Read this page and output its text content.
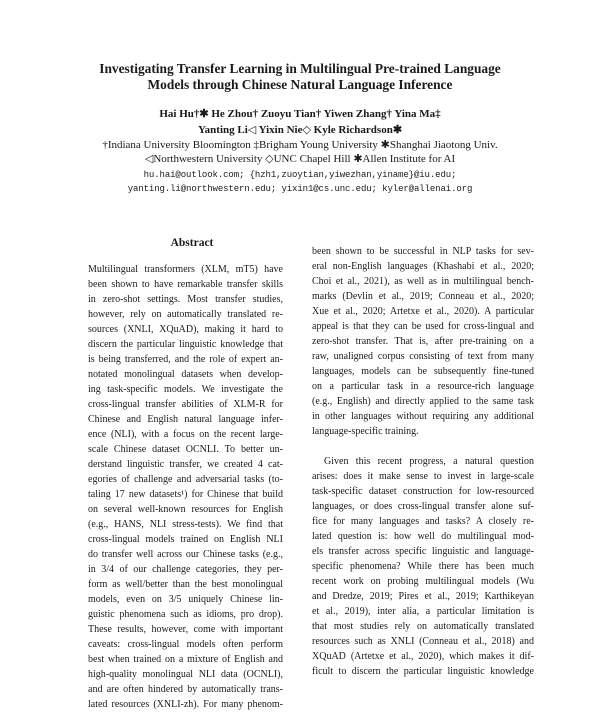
Investigating Transfer Learning in Multilingual Pre-trained Language
Models through Chinese Natural Language Inference
Hai Hu†✱ He Zhou† Zuoyu Tian† Yiwen Zhang† Yina Ma‡
Yanting Li◁ Yixin Nie◇ Kyle Richardson✱
†Indiana University Bloomington ‡Brigham Young University ✱Shanghai Jiaotong Univ.
◁Northwestern University ◇UNC Chapel Hill ✱Allen Institute for AI
hu.hai@outlook.com; {hzh1,zuoytian,yiwezhan,yiname}@iu.edu;
yanting.li@northwestern.edu; yixin1@cs.unc.edu; kyler@allenai.org
Abstract
Multilingual transformers (XLM, mT5) have
been shown to have remarkable transfer skills
in zero-shot settings. Most transfer studies,
however, rely on automatically translated re-
sources (XNLI, XQuAD), making it hard to
discern the particular linguistic knowledge that
is being transferred, and the role of expert an-
notated monolingual datasets when develop-
ing task-specific models. We investigate the
cross-lingual transfer abilities of XLM-R for
Chinese and English natural language infer-
ence (NLI), with a focus on the recent large-
scale Chinese dataset OCNLI. To better un-
derstand linguistic transfer, we created 4 cat-
egories of challenge and adversarial tasks (to-
taling 17 new datasets¹) for Chinese that build
on several well-known resources for English
(e.g., HANS, NLI stress-tests). We find that
cross-lingual models trained on English NLI
do transfer well across our Chinese tasks (e.g.,
in 3/4 of our challenge categories, they per-
form as well/better than the best monolingual
models, even on 3/5 uniquely Chinese lin-
guistic phenomena such as idioms, pro drop).
These results, however, come with important
caveats: cross-lingual models often perform
best when trained on a mixture of English and
high-quality monolingual NLI data (OCNLI),
and are often hindered by automatically trans-
lated resources (XNLI-zh). For many phenom-
been shown to be successful in NLP tasks for sev-
eral non-English languages (Khashabi et al., 2020;
Choi et al., 2021), as well as in multilingual bench-
marks (Devlin et al., 2019; Conneau et al., 2020;
Xue et al., 2020; Artetxe et al., 2020). A particular
appeal is that they can be used for cross-lingual and
zero-shot transfer. That is, after pre-training on a
raw, unaligned corpus consisting of text from many
languages, models can be subsequently fine-tuned
on a particular task in a resource-rich language
(e.g., English) and directly applied to the same task
in other languages without requiring any additional
language-specific training.
Given this recent progress, a natural question
arises: does it make sense to invest in large-scale
task-specific dataset construction for low-resourced
languages, or does cross-lingual transfer alone suf-
fice for many languages and tasks? A closely re-
lated question is: how well do multilingual mod-
els transfer across specific linguistic and language-
specific phenomena? While there has been much
recent work on probing multilingual models (Wu
and Dredze, 2019; Pires et al., 2019; Karthikeyan
et al., 2019), inter alia, a particular limitation is
that most studies rely on automatically translated
resources such as XNLI (Conneau et al., 2018) and
XQuAD (Artetxe et al., 2020), which makes it dif-
ficult to discern the particular linguistic knowledge
